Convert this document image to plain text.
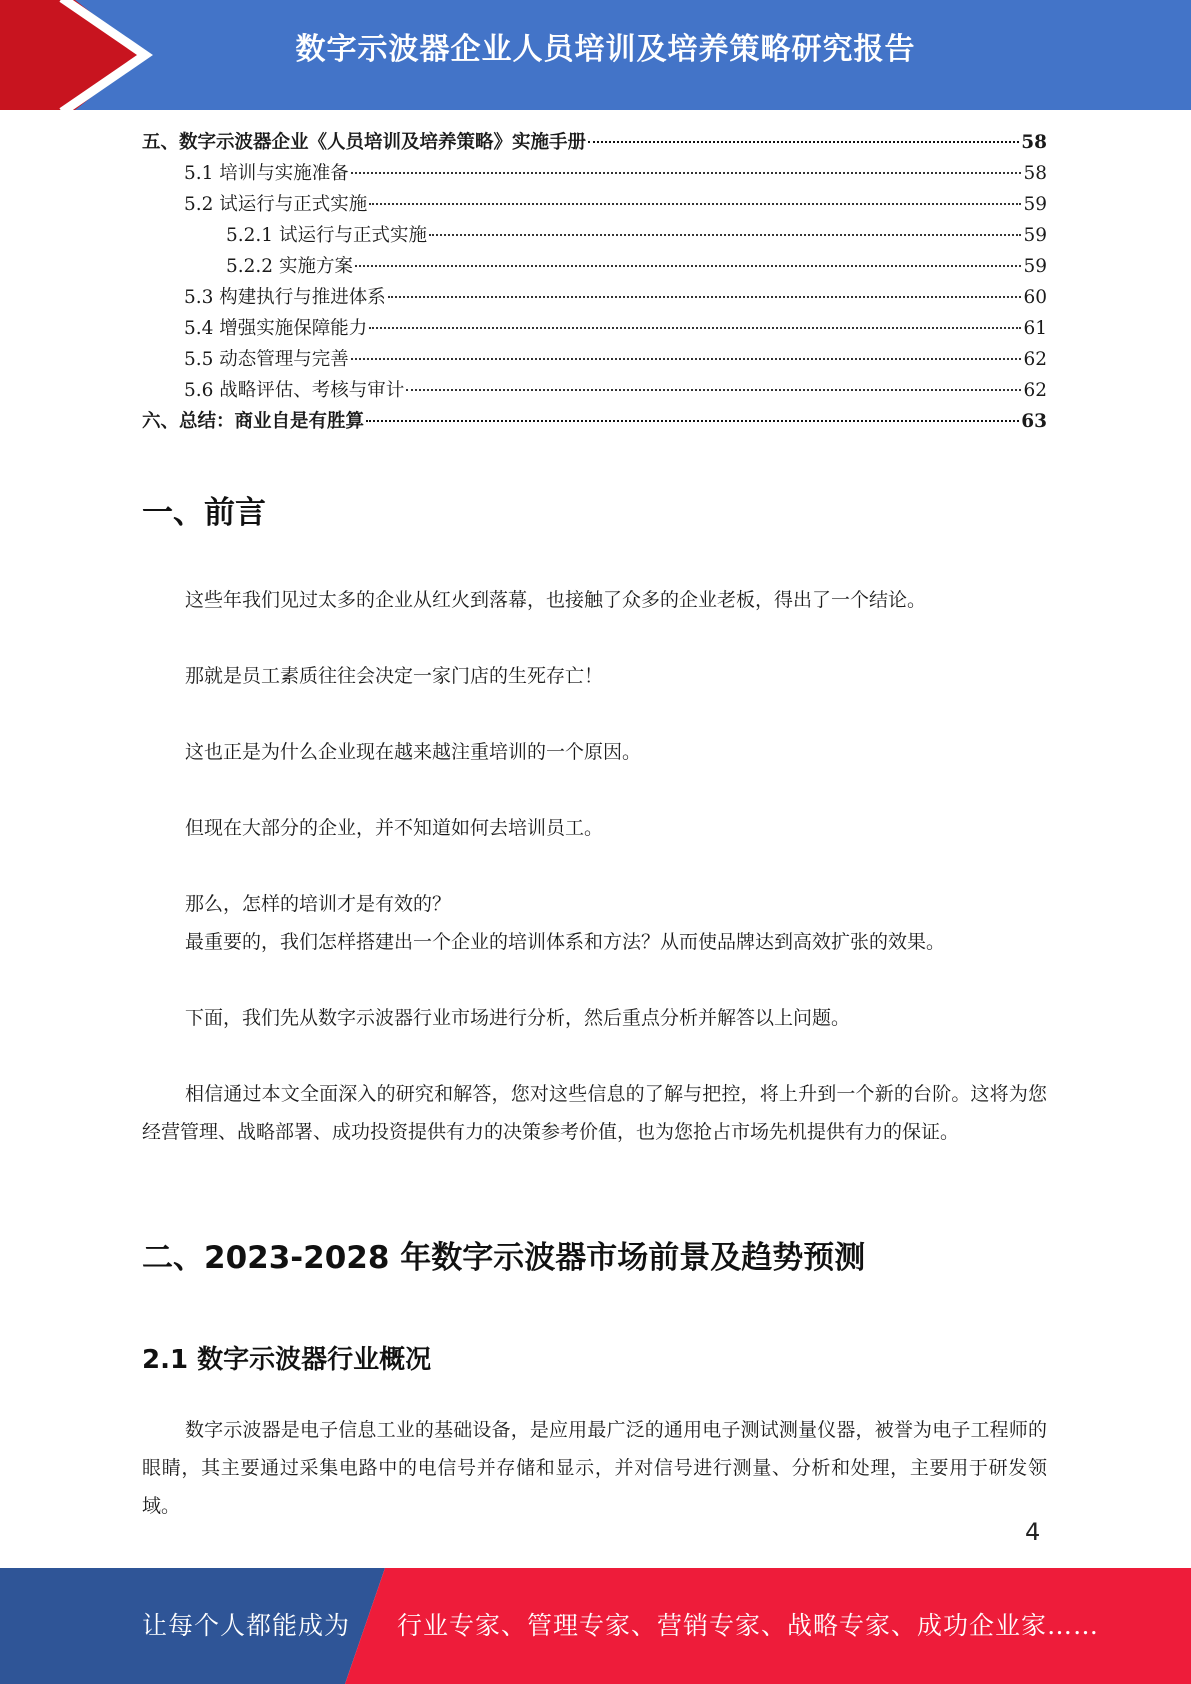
数字示波器企业人员培训及培养策略研究报告
五、数字示波器企业《人员培训及培养策略》实施手册	58
5.1 培训与实施准备	58
5.2 试运行与正式实施	59
5.2.1 试运行与正式实施	59
5.2.2 实施方案	59
5.3 构建执行与推进体系	60
5.4 增强实施保障能力	61
5.5 动态管理与完善	62
5.6 战略评估、考核与审计	62
六、总结：商业自是有胜算	63
一、前言
这些年我们见过太多的企业从红火到落幕，也接触了众多的企业老板，得出了一个结论。
那就是员工素质往往会决定一家门店的生死存亡！
这也正是为什么企业现在越来越注重培训的一个原因。
但现在大部分的企业，并不知道如何去培训员工。
那么，怎样的培训才是有效的？
最重要的，我们怎样搭建出一个企业的培训体系和方法？从而使品牌达到高效扩张的效果。
下面，我们先从数字示波器行业市场进行分析，然后重点分析并解答以上问题。
相信通过本文全面深入的研究和解答，您对这些信息的了解与把控，将上升到一个新的台阶。这将为您经营管理、战略部署、成功投资提供有力的决策参考价值，也为您抢占市场先机提供有力的保证。
二、2023-2028 年数字示波器市场前景及趋势预测
2.1 数字示波器行业概况
数字示波器是电子信息工业的基础设备，是应用最广泛的通用电子测试测量仪器，被誉为电子工程师的眼睛，其主要通过采集电路中的电信号并存储和显示，并对信号进行测量、分析和处理，主要用于研发领域。
4
让每个人都能成为 行业专家、管理专家、营销专家、战略专家、成功企业家……
